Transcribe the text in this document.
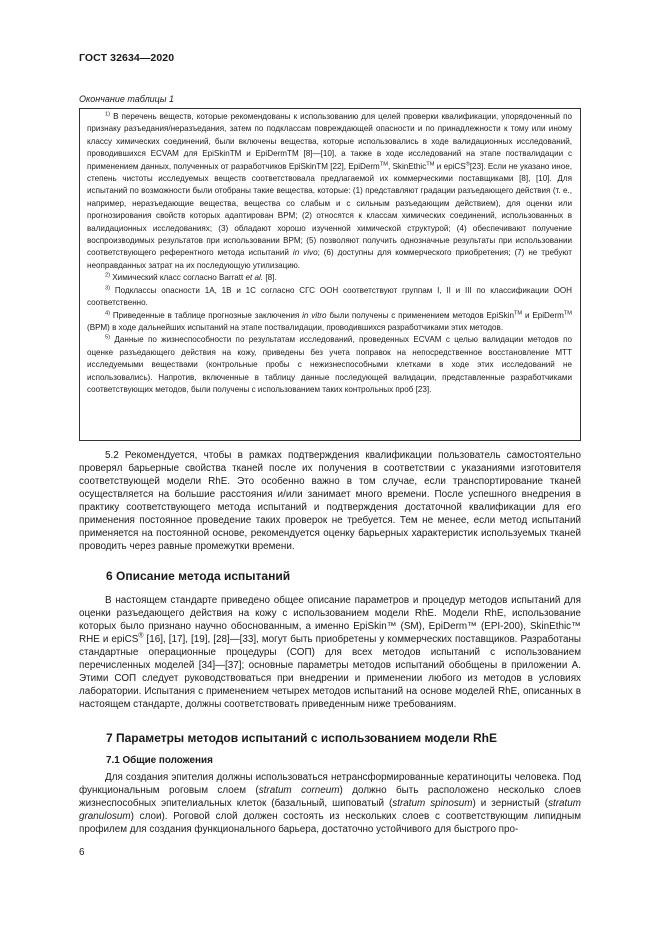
ГОСТ 32634—2020
Окончание таблицы 1

$^{1)}$ В перечень веществ, которые рекомендованы к использованию для целей проверки квалификации, упорядоченный по признаку разъедания/неразъедания, затем по подклассам повреждающей опасности и по принадлежности к тому или иному классу химических соединений, были включены вещества, которые использовались в ходе валидационных исследований, проводившихся ECVAM для EpiSkinTM и EpiDermTM [8]—[10], а также в ходе исследований на этапе поствалидации с применением данных, полученных от разработчиков EpiSkinTM [22], EpiDerm™, SkinEthic™ и epiCS®[23]. Если не указано иное, степень чистоты исследуемых веществ соответствовала предлагаемой их коммерческими поставщиками [8], [10]. Для испытаний по возможности были отобраны такие вещества, которые: (1) представляют градации разъедающего действия (т. е., например, неразъедающие вещества, вещества со слабым и с сильным разъедающим действием), для оценки или прогнозирования свойств которых адаптирован ВРМ; (2) относятся к классам химических соединений, использованных в валидационных исследованиях; (3) обладают хорошо изученной химической структурой; (4) обеспечивают получение воспроизводимых результатов при использовании ВРМ; (5) позволяют получить однозначные результаты при использовании соответствующего референтного метода испытаний in vivo; (6) доступны для коммерческого приобретения; (7) не требуют неоправданных затрат на их последующую утилизацию.

$^{2)}$ Химический класс согласно Barratt et al. [8].

$^{3)}$ Подклассы опасности 1А, 1В и 1С согласно СГС ООН соответствуют группам I, II и III по классификации ООН соответственно.

$^{4)}$ Приведенные в таблице прогнозные заключения in vitro были получены с применением методов EpiSkin™ и EpiDerm™ (ВРМ) в ходе дальнейших испытаний на этапе поствалидации, проводившихся разработчиками этих методов.

$^{5)}$ Данные по жизнеспособности по результатам исследований, проведенных ECVAM с целью валидации методов по оценке разъедающего действия на кожу, приведены без учета поправок на непосредственное восстановление МТТ исследуемыми веществами (контрольные пробы с нежизнеспособными клетками в ходе этих исследований не использовались). Напротив, включенные в таблицу данные последующей валидации, представленные разработчиками соответствующих методов, были получены с использованием таких контрольных проб [23].

5.2 Рекомендуется, чтобы в рамках подтверждения квалификации пользователь самостоятельно проверял барьерные свойства тканей после их получения в соответствии с указаниями изготовителя соответствующей модели RhE. Это особенно важно в том случае, если транспортирование тканей осуществляется на большие расстояния и/или занимает много времени. После успешного внедрения в практику соответствующего метода испытаний и подтверждения достаточной квалификации для его применения постоянное проведение таких проверок не требуется. Тем не менее, если метод испытаний применяется на постоянной основе, рекомендуется оценку барьерных характеристик используемых тканей проводить через равные промежутки времени.

6 Описание метода испытаний

В настоящем стандарте приведено общее описание параметров и процедур методов испытаний для оценки разъедающего действия на кожу с использованием модели RhE. Модели RhE, использование которых было признано научно обоснованным, а именно EpiSkin™ (SM), EpiDerm™ (EPI-200), SkinEthic™ RHE и epiCS® [16], [17], [19], [28]—[33], могут быть приобретены у коммерческих поставщиков. Разработаны стандартные операционные процедуры (СОП) для всех методов испытаний с использованием перечисленных моделей [34]—[37]; основные параметры методов испытаний обобщены в приложении А. Этими СОП следует руководствоваться при внедрении и применении любого из методов в условиях лаборатории. Испытания с применением четырех методов испытаний на основе моделей RhE, описанных в настоящем стандарте, должны соответствовать приведенным ниже требованиям.

7 Параметры методов испытаний с использованием модели RhE
7.1 Общие положения

Для создания эпителия должны использоваться нетрансформированные кератиноциты человека. Под функциональным роговым слоем (stratum corneum) должно быть расположено несколько слоев жизнеспособных эпителиальных клеток (базальный, шиповатый (stratum spinosum) и зернистый (stratum granulosum) слои). Роговой слой должен состоять из нескольких слоев с соответствующим липидным профилем для создания функционального барьера, достаточно устойчивого для быстрого про-

6
